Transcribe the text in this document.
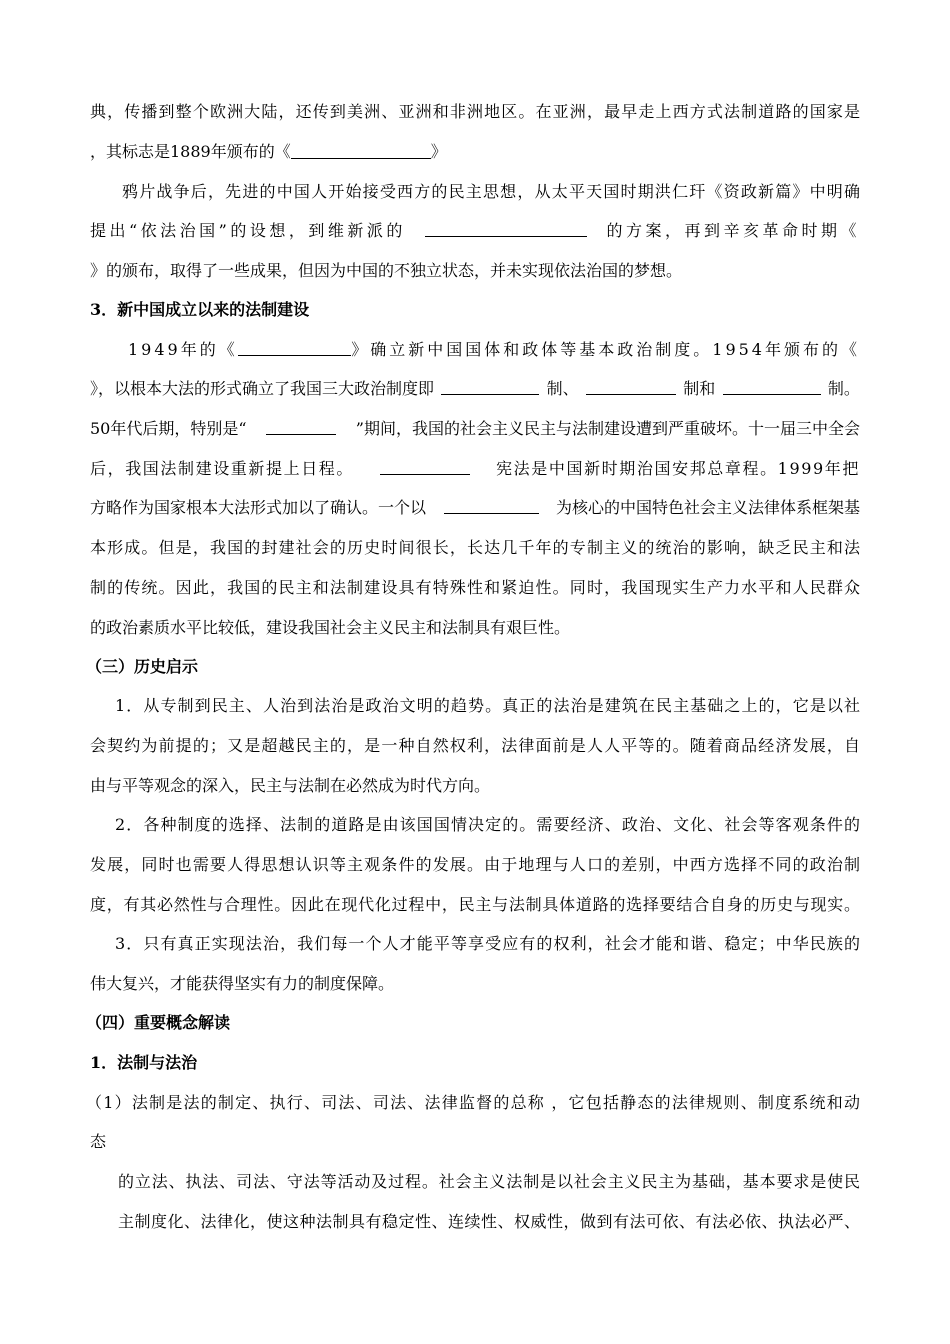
典，传播到整个欧洲大陆，还传到美洲、亚洲和非洲地区。在亚洲，最早走上西方式法制道路的国家是
，其标志是1889年颁布的《	》
鸦片战争后，先进的中国人开始接受西方的民主思想，从太平天国时期洪仁玕《资政新篇》中明确
提出“依法治国”的设想，到维新派的	的方案，再到辛亥革命时期《
》的颁布，取得了一些成果，但因为中国的不独立状态，并未实现依法治国的梦想。
3．新中国成立以来的法制建设
1949年的《	》确立新中国国体和政体等基本政治制度。1954年颁布的《
》，以根本大法的形式确立了我国三大政治制度即	制、	制和	制。
50年代后期，特别是“	”期间，我国的社会主义民主与法制建设遭到严重破坏。十一届三中全会
后，我国法制建设重新提上日程。	宪法是中国新时期治国安邦总章程。1999年把
方略作为国家根本大法形式加以了确认。一个以	为核心的中国特色社会主义法律体系框架基
本形成。但是，我国的封建社会的历史时间很长，长达几千年的专制主义的统治的影响，缺乏民主和法
制的传统。因此，我国的民主和法制建设具有特殊性和紧迫性。同时，我国现实生产力水平和人民群众
的政治素质水平比较低，建设我国社会主义民主和法制具有艰巨性。
（三）历史启示
1．从专制到民主、人治到法治是政治文明的趋势。真正的法治是建筑在民主基础之上的，它是以社
会契约为前提的；又是超越民主的，是一种自然权利，法律面前是人人平等的。随着商品经济发展，自
由与平等观念的深入，民主与法制在必然成为时代方向。
2．各种制度的选择、法制的道路是由该国国情决定的。需要经济、政治、文化、社会等客观条件的
发展，同时也需要人得思想认识等主观条件的发展。由于地理与人口的差别，中西方选择不同的政治制
度，有其必然性与合理性。因此在现代化过程中，民主与法制具体道路的选择要结合自身的历史与现实。
3．只有真正实现法治，我们每一个人才能平等享受应有的权利，社会才能和谐、稳定；中华民族的
伟大复兴，才能获得坚实有力的制度保障。
（四）重要概念解读
1．法制与法治
（1）法制是法的制定、执行、司法、司法、法律监督的总称 ，它包括静态的法律规则、制度系统和动
态
的立法、执法、司法、守法等活动及过程。社会主义法制是以社会主义民主为基础，基本要求是使民
主制度化、法律化，使这种法制具有稳定性、连续性、权威性，做到有法可依、有法必依、执法必严、
